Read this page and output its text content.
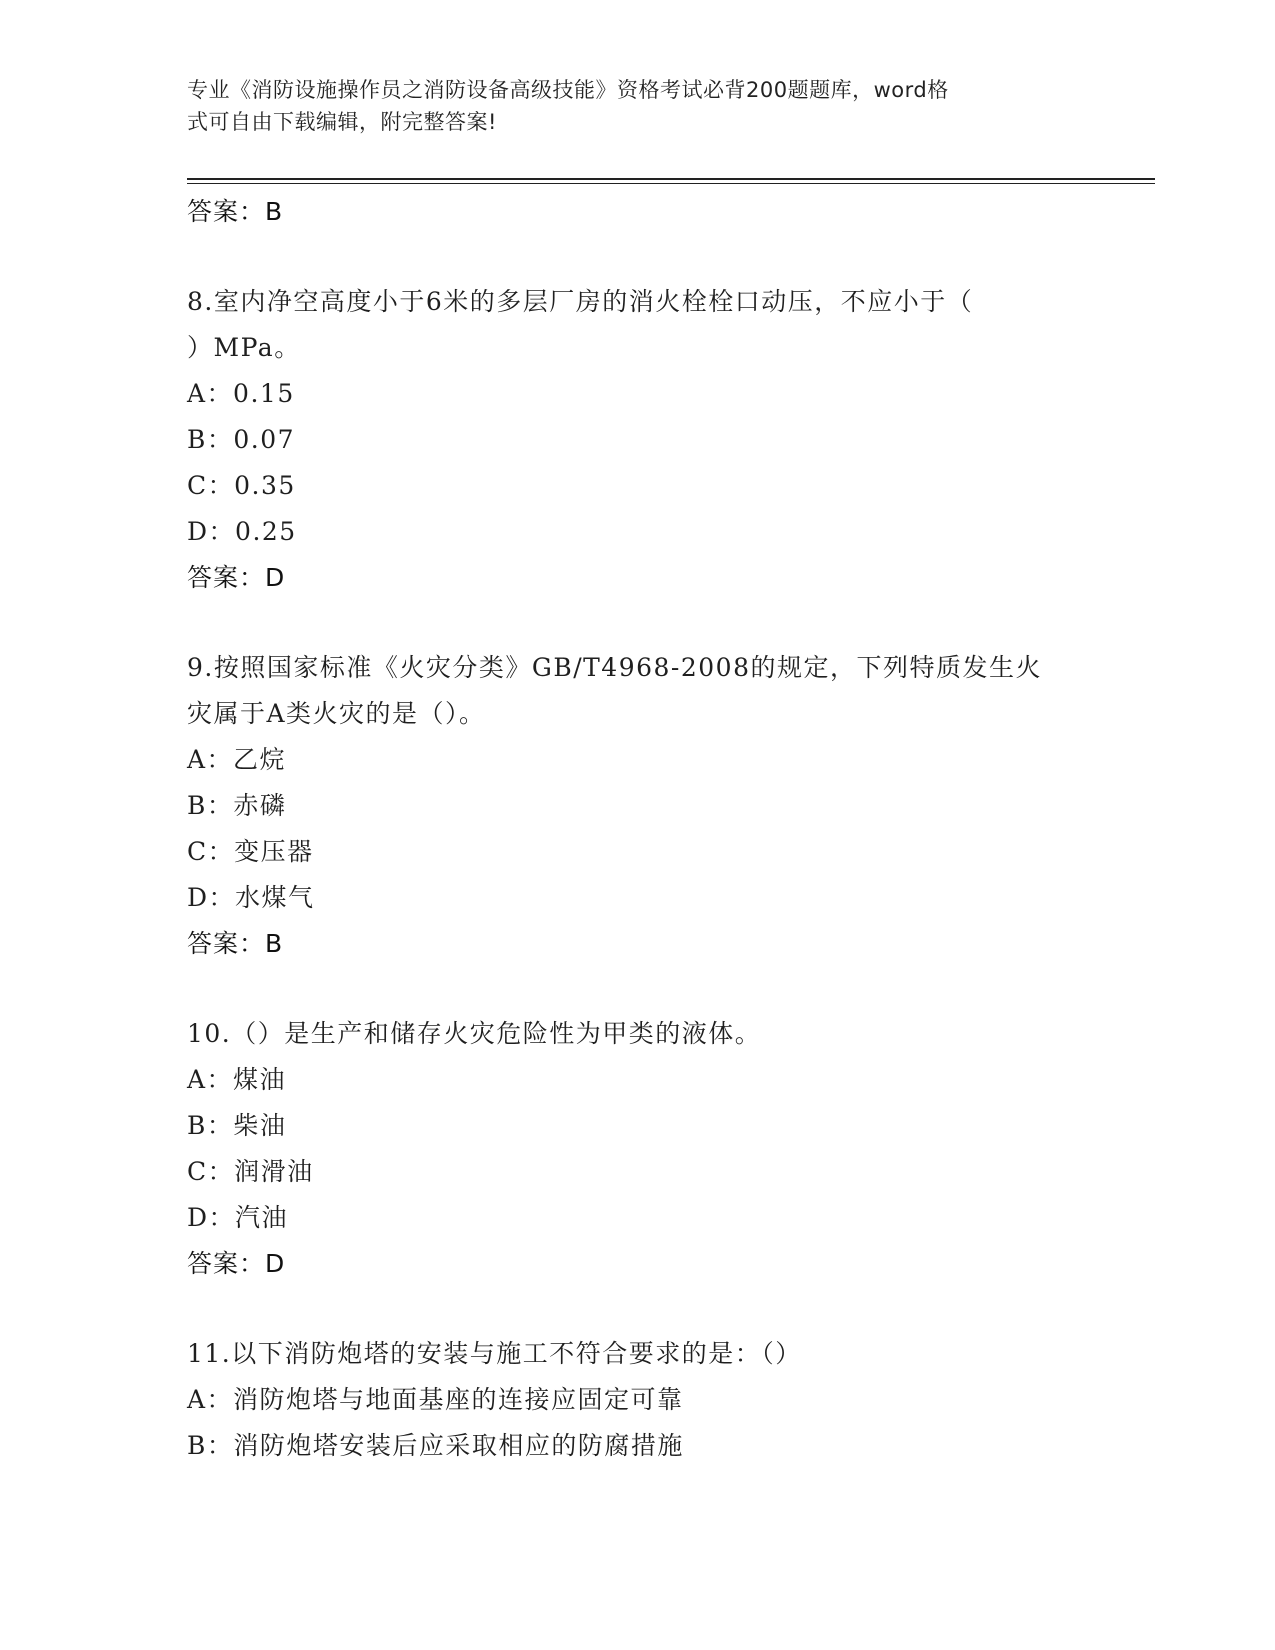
专业《消防设施操作员之消防设备高级技能》资格考试必背200题题库，word格
式可自由下载编辑，附完整答案!
答案：B
8.室内净空高度小于6米的多层厂房的消火栓栓口动压，不应小于（
）MPa。
A：0.15
B：0.07
C：0.35
D：0.25
答案：D
9.按照国家标准《火灾分类》GB/T4968-2008的规定，下列特质发生火
灾属于A类火灾的是（）。
A：乙烷
B：赤磷
C：变压器
D：水煤气
答案：B
10.（）是生产和储存火灾危险性为甲类的液体。
A：煤油
B：柴油
C：润滑油
D：汽油
答案：D
11.以下消防炮塔的安装与施工不符合要求的是：（）
A：消防炮塔与地面基座的连接应固定可靠
B：消防炮塔安装后应采取相应的防腐措施
